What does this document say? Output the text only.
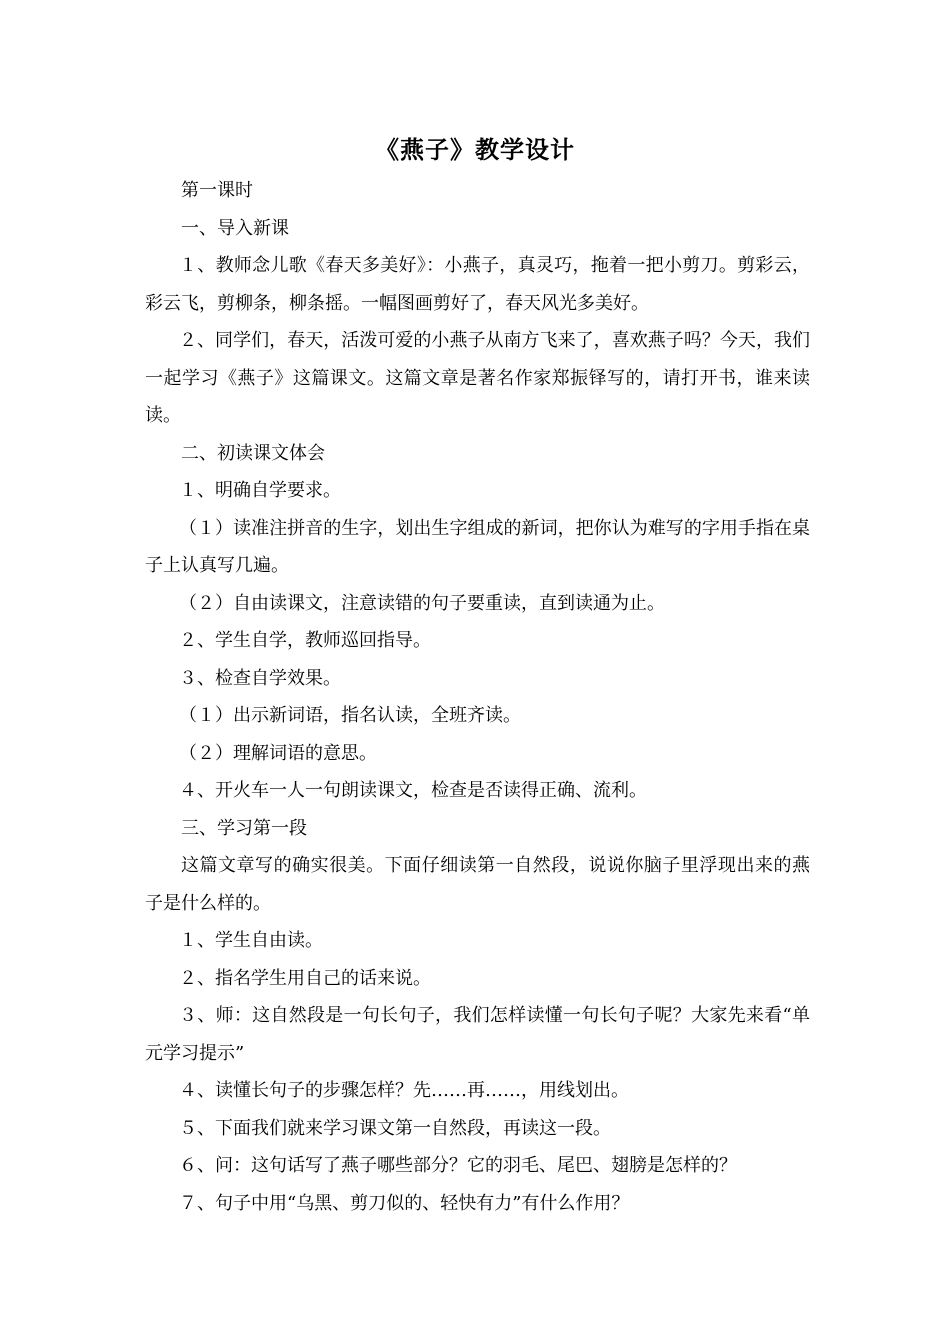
《燕子》教学设计

第一课时

一、导入新课

１、教师念儿歌《春天多美好》：小燕子，真灵巧，拖着一把小剪刀。剪彩云，彩云飞，剪柳条，柳条摇。一幅图画剪好了，春天风光多美好。

２、同学们，春天，活泼可爱的小燕子从南方飞来了，喜欢燕子吗？今天，我们一起学习《燕子》这篇课文。这篇文章是著名作家郑振铎写的，请打开书，谁来读读。

二、初读课文体会

１、明确自学要求。

（１）读准注拼音的生字，划出生字组成的新词，把你认为难写的字用手指在桌子上认真写几遍。

（２）自由读课文，注意读错的句子要重读，直到读通为止。

２、学生自学，教师巡回指导。

３、检查自学效果。

（１）出示新词语，指名认读，全班齐读。

（２）理解词语的意思。

４、开火车一人一句朗读课文，检查是否读得正确、流利。

三、学习第一段

这篇文章写的确实很美。下面仔细读第一自然段，说说你脑子里浮现出来的燕子是什么样的。

１、学生自由读。

２、指名学生用自己的话来说。

３、师：这自然段是一句长句子，我们怎样读懂一句长句子呢？大家先来看“单元学习提示”

４、读懂长句子的步骤怎样？先……再……，用线划出。

５、下面我们就来学习课文第一自然段，再读这一段。

６、问：这句话写了燕子哪些部分？它的羽毛、尾巴、翅膀是怎样的？

７、句子中用“乌黑、剪刀似的、轻快有力”有什么作用？
